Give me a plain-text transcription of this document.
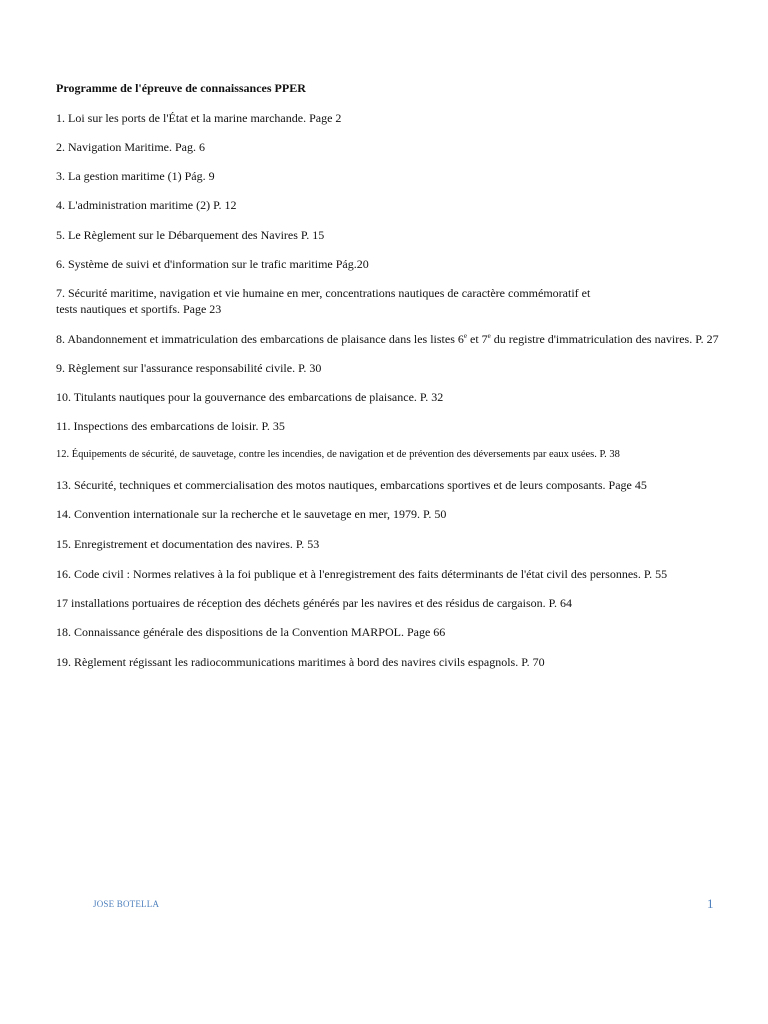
Programme de l'épreuve de connaissances PPER
1. Loi sur les ports de l'État et la marine marchande. Page 2
2. Navigation Maritime. Pag. 6
3. La gestion maritime (1) Pág. 9
4. L'administration maritime (2) P. 12
5. Le Règlement sur le Débarquement des Navires P. 15
6. Système de suivi et d'information sur le trafic maritime Pág.20
7. Sécurité maritime, navigation et vie humaine en mer, concentrations nautiques de caractère commémoratif et
tests nautiques et sportifs. Page 23
8. Abandonnement et immatriculation des embarcations de plaisance dans les listes 6e et 7e du registre d'immatriculation des navires. P. 27
9. Règlement sur l'assurance responsabilité civile. P. 30
10. Titulants nautiques pour la gouvernance des embarcations de plaisance. P. 32
11. Inspections des embarcations de loisir. P. 35
12. Équipements de sécurité, de sauvetage, contre les incendies, de navigation et de prévention des déversements par eaux usées. P. 38
13. Sécurité, techniques et commercialisation des motos nautiques, embarcations sportives et de leurs composants. Page 45
14. Convention internationale sur la recherche et le sauvetage en mer, 1979. P. 50
15. Enregistrement et documentation des navires. P. 53
16. Code civil : Normes relatives à la foi publique et à l'enregistrement des faits déterminants de l'état civil des personnes. P. 55
17 installations portuaires de réception des déchets générés par les navires et des résidus de cargaison. P. 64
18. Connaissance générale des dispositions de la Convention MARPOL. Page 66
19. Règlement régissant les radiocommunications maritimes à bord des navires civils espagnols. P. 70
JOSE BOTELLA	1
